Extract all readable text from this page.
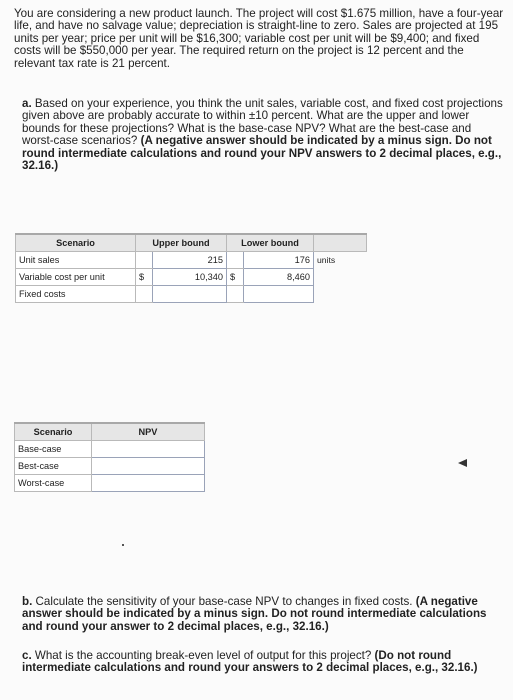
You are considering a new product launch. The project will cost $1.675 million, have a four-year life, and have no salvage value; depreciation is straight-line to zero. Sales are projected at 195 units per year; price per unit will be $16,300; variable cost per unit will be $9,400; and fixed costs will be $550,000 per year. The required return on the project is 12 percent and the relevant tax rate is 21 percent.

a. Based on your experience, you think the unit sales, variable cost, and fixed cost projections given above are probably accurate to within ±10 percent. What are the upper and lower bounds for these projections? What is the base-case NPV? What are the best-case and worst-case scenarios? (A negative answer should be indicated by a minus sign. Do not round intermediate calculations and round your NPV answers to 2 decimal places, e.g., 32.16.)

Scenario	Upper bound		Lower bound		
Unit sales		215		176	units
Variable cost per unit	$	10,340	$	8,460	
Fixed costs					
Scenario	NPV
Base-case	
Best-case	
Worst-case	

b. Calculate the sensitivity of your base-case NPV to changes in fixed costs. (A negative answer should be indicated by a minus sign. Do not round intermediate calculations and round your answer to 2 decimal places, e.g., 32.16.)

c. What is the accounting break-even level of output for this project? (Do not round intermediate calculations and round your answers to 2 decimal places, e.g., 32.16.)
